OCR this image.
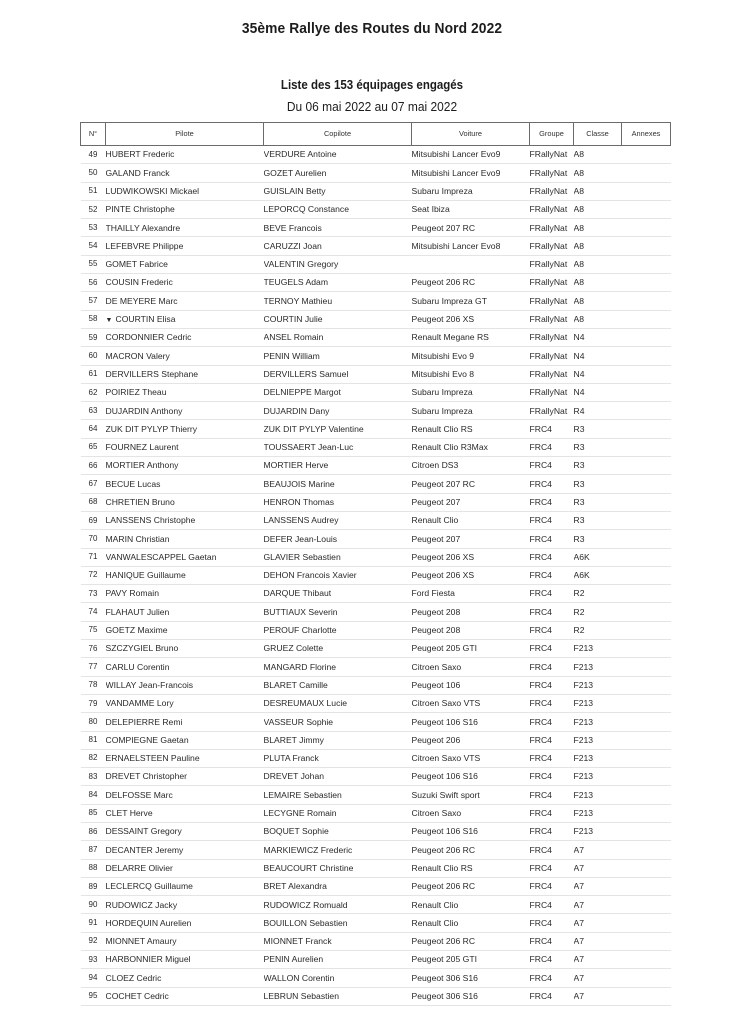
35ème Rallye des Routes du Nord 2022
Liste des 153 équipages engagés
Du 06 mai 2022 au 07 mai 2022
N°	Pilote	Copilote	Voiture	Groupe	Classe	Annexes
49	HUBERT Frederic	VERDURE Antoine	Mitsubishi Lancer Evo9	FRallyNat	A8	
50	GALAND Franck	GOZET Aurelien	Mitsubishi Lancer Evo9	FRallyNat	A8	
51	LUDWIKOWSKI Mickael	GUISLAIN Betty	Subaru Impreza	FRallyNat	A8	
52	PINTE Christophe	LEPORCQ Constance	Seat Ibiza	FRallyNat	A8	
53	THAILLY Alexandre	BEVE Francois	Peugeot 207 RC	FRallyNat	A8	
54	LEFEBVRE Philippe	CARUZZI Joan	Mitsubishi Lancer Evo8	FRallyNat	A8	
55	GOMET Fabrice	VALENTIN Gregory		FRallyNat	A8	
56	COUSIN Frederic	TEUGELS Adam	Peugeot 206 RC	FRallyNat	A8	
57	DE MEYERE Marc	TERNOY Mathieu	Subaru Impreza GT	FRallyNat	A8	
58	▼ COURTIN Elisa	COURTIN Julie	Peugeot 206 XS	FRallyNat	A8	
59	CORDONNIER Cedric	ANSEL Romain	Renault Megane RS	FRallyNat	N4	
60	MACRON Valery	PENIN William	Mitsubishi Evo 9	FRallyNat	N4	
61	DERVILLERS Stephane	DERVILLERS Samuel	Mitsubishi Evo 8	FRallyNat	N4	
62	POIRIEZ Theau	DELNIEPPE Margot	Subaru Impreza	FRallyNat	N4	
63	DUJARDIN Anthony	DUJARDIN Dany	Subaru Impreza	FRallyNat	R4	
64	ZUK DIT PYLYP Thierry	ZUK DIT PYLYP Valentine	Renault Clio RS	FRC4	R3	
65	FOURNEZ Laurent	TOUSSAERT Jean-Luc	Renault Clio R3Max	FRC4	R3	
66	MORTIER Anthony	MORTIER Herve	Citroen DS3	FRC4	R3	
67	BECUE Lucas	BEAUJOIS Marine	Peugeot 207 RC	FRC4	R3	
68	CHRETIEN Bruno	HENRON Thomas	Peugeot 207	FRC4	R3	
69	LANSSENS Christophe	LANSSENS Audrey	Renault Clio	FRC4	R3	
70	MARIN Christian	DEFER Jean-Louis	Peugeot 207	FRC4	R3	
71	VANWALESCAPPEL Gaetan	GLAVIER Sebastien	Peugeot 206 XS	FRC4	A6K	
72	HANIQUE Guillaume	DEHON Francois Xavier	Peugeot 206 XS	FRC4	A6K	
73	PAVY Romain	DARQUE Thibaut	Ford Fiesta	FRC4	R2	
74	FLAHAUT Julien	BUTTIAUX Severin	Peugeot 208	FRC4	R2	
75	GOETZ Maxime	PEROUF Charlotte	Peugeot 208	FRC4	R2	
76	SZCZYGIEL Bruno	GRUEZ Colette	Peugeot 205 GTI	FRC4	F213	
77	CARLU Corentin	MANGARD Florine	Citroen Saxo	FRC4	F213	
78	WILLAY Jean-Francois	BLARET Camille	Peugeot 106	FRC4	F213	
79	VANDAMME Lory	DESREUMAUX Lucie	Citroen Saxo VTS	FRC4	F213	
80	DELEPIERRE Remi	VASSEUR Sophie	Peugeot 106 S16	FRC4	F213	
81	COMPIEGNE Gaetan	BLARET Jimmy	Peugeot 206	FRC4	F213	
82	ERNAELSTEEN Pauline	PLUTA Franck	Citroen Saxo VTS	FRC4	F213	
83	DREVET Christopher	DREVET Johan	Peugeot 106 S16	FRC4	F213	
84	DELFOSSE Marc	LEMAIRE Sebastien	Suzuki Swift sport	FRC4	F213	
85	CLET Herve	LECYGNE Romain	Citroen Saxo	FRC4	F213	
86	DESSAINT Gregory	BOQUET Sophie	Peugeot 106 S16	FRC4	F213	
87	DECANTER Jeremy	MARKIEWICZ Frederic	Peugeot 206 RC	FRC4	A7	
88	DELARRE Olivier	BEAUCOURT Christine	Renault Clio RS	FRC4	A7	
89	LECLERCQ Guillaume	BRET Alexandra	Peugeot 206 RC	FRC4	A7	
90	RUDOWICZ Jacky	RUDOWICZ Romuald	Renault Clio	FRC4	A7	
91	HORDEQUIN Aurelien	BOUILLON Sebastien	Renault Clio	FRC4	A7	
92	MIONNET Amaury	MIONNET Franck	Peugeot 206 RC	FRC4	A7	
93	HARBONNIER Miguel	PENIN Aurelien	Peugeot 205 GTI	FRC4	A7	
94	CLOEZ Cedric	WALLON Corentin	Peugeot 306 S16	FRC4	A7	
95	COCHET Cedric	LEBRUN Sebastien	Peugeot 306 S16	FRC4	A7	
